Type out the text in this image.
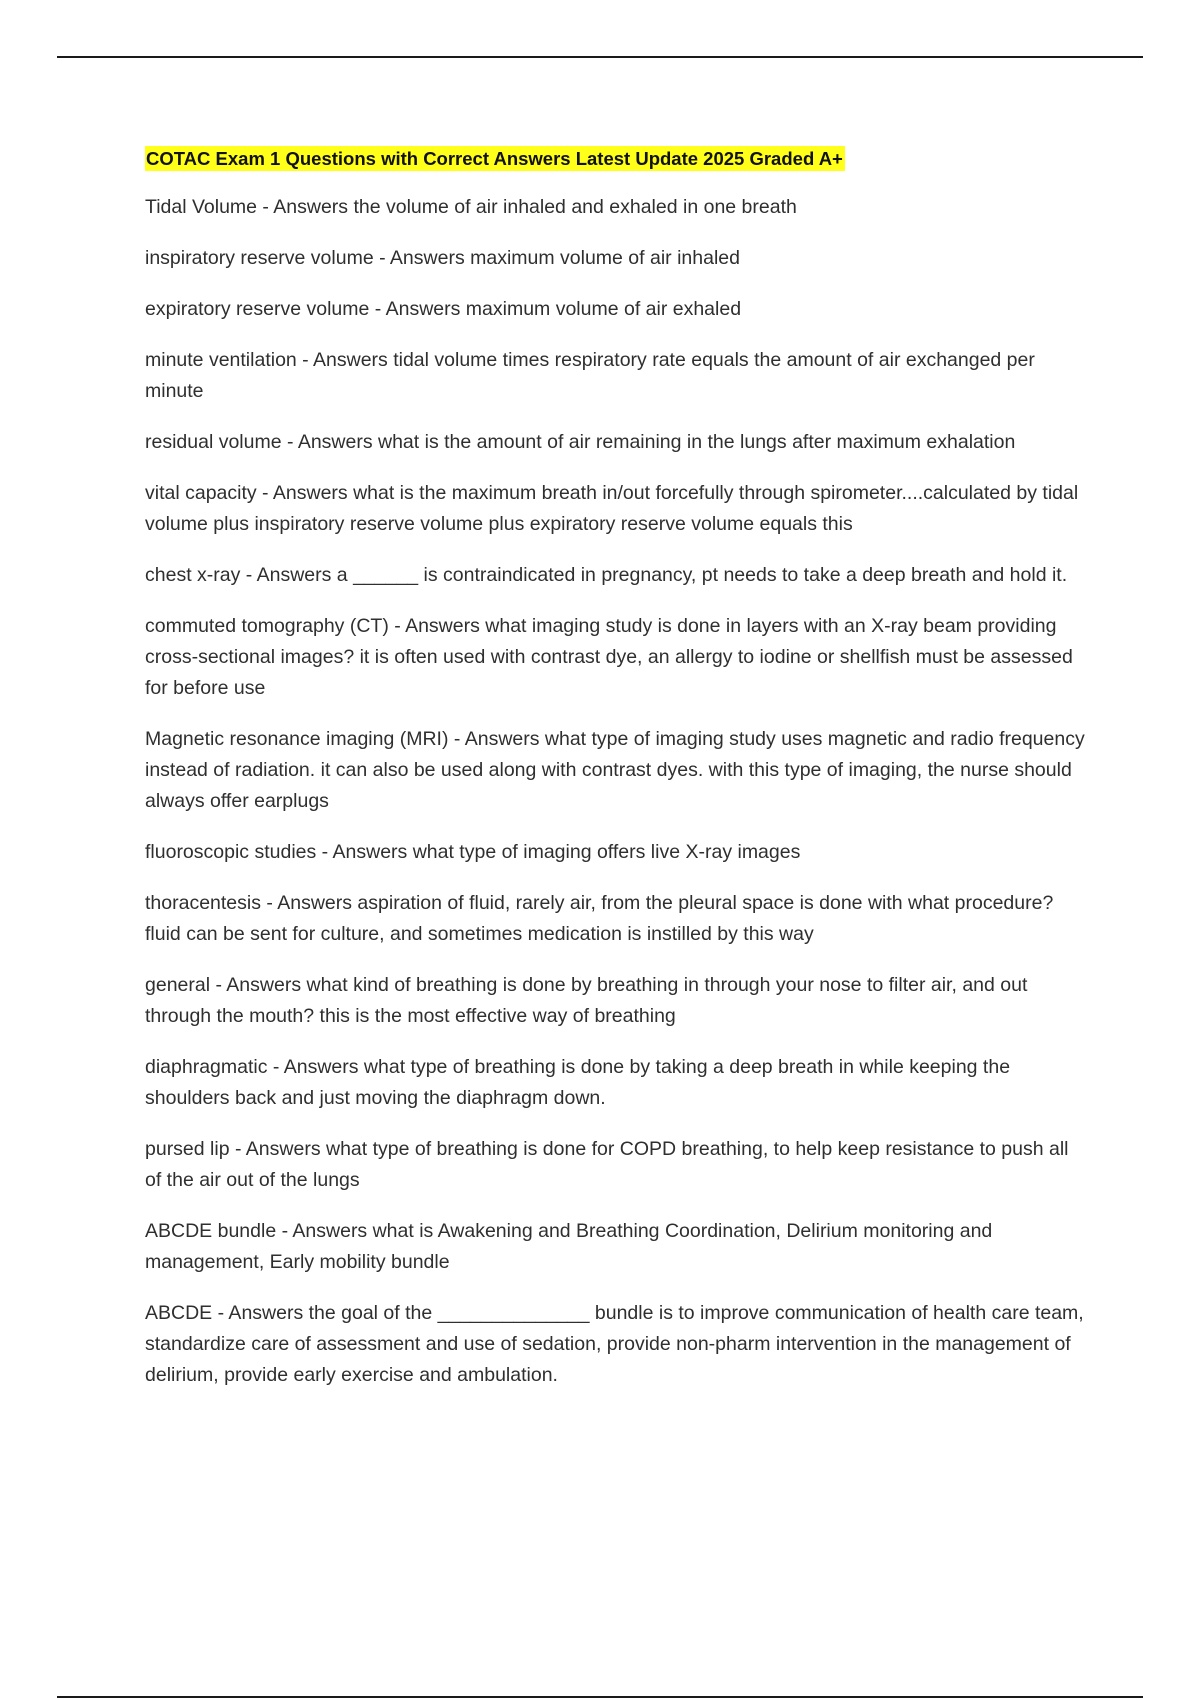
COTAC Exam 1 Questions with Correct Answers Latest Update 2025 Graded A+

Tidal Volume - Answers the volume of air inhaled and exhaled in one breath

inspiratory reserve volume - Answers maximum volume of air inhaled

expiratory reserve volume - Answers maximum volume of air exhaled

minute ventilation - Answers tidal volume times respiratory rate equals the amount of air exchanged per minute

residual volume - Answers what is the amount of air remaining in the lungs after maximum exhalation

vital capacity - Answers what is the maximum breath in/out forcefully through spirometer....calculated by tidal volume plus inspiratory reserve volume plus expiratory reserve volume equals this

chest x-ray - Answers a ______ is contraindicated in pregnancy, pt needs to take a deep breath and hold it.

commuted tomography (CT) - Answers what imaging study is done in layers with an X-ray beam providing cross-sectional images? it is often used with contrast dye, an allergy to iodine or shellfish must be assessed for before use

Magnetic resonance imaging (MRI) - Answers what type of imaging study uses magnetic and radio frequency instead of radiation. it can also be used along with contrast dyes. with this type of imaging, the nurse should always offer earplugs

fluoroscopic studies - Answers what type of imaging offers live X-ray images

thoracentesis - Answers aspiration of fluid, rarely air, from the pleural space is done with what procedure? fluid can be sent for culture, and sometimes medication is instilled by this way

general - Answers what kind of breathing is done by breathing in through your nose to filter air, and out through the mouth? this is the most effective way of breathing

diaphragmatic - Answers what type of breathing is done by taking a deep breath in while keeping the shoulders back and just moving the diaphragm down.

pursed lip - Answers what type of breathing is done for COPD breathing, to help keep resistance to push all of the air out of the lungs

ABCDE bundle - Answers what is Awakening and Breathing Coordination, Delirium monitoring and management, Early mobility bundle

ABCDE - Answers the goal of the ______________ bundle is to improve communication of health care team, standardize care of assessment and use of sedation, provide non-pharm intervention in the management of delirium, provide early exercise and ambulation.
